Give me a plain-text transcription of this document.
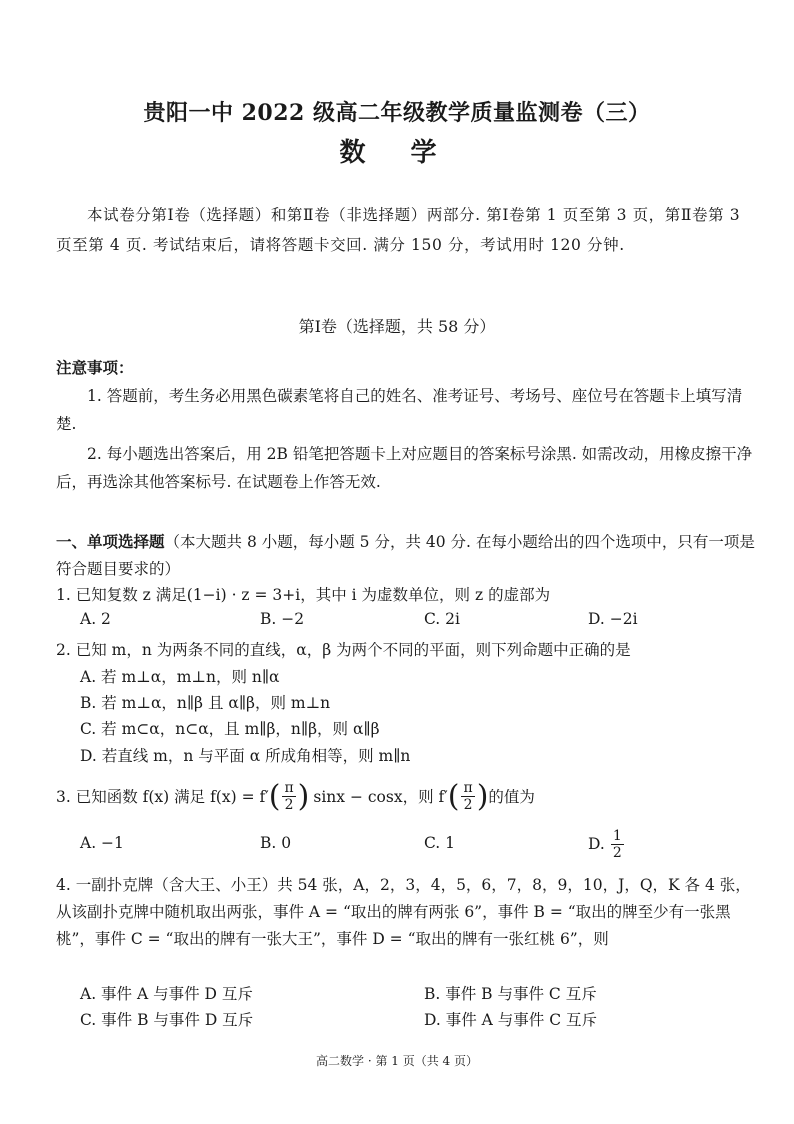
贵阳一中 2022 级高二年级教学质量监测卷（三）
数 学
本试卷分第Ⅰ卷（选择题）和第Ⅱ卷（非选择题）两部分. 第Ⅰ卷第 1 页至第 3 页，第Ⅱ卷第 3 页至第 4 页. 考试结束后，请将答题卡交回. 满分 150 分，考试用时 120 分钟.
第Ⅰ卷（选择题，共 58 分）
注意事项：
1. 答题前，考生务必用黑色碳素笔将自己的姓名、准考证号、考场号、座位号在答题卡上填写清楚.
2. 每小题选出答案后，用 2B 铅笔把答题卡上对应题目的答案标号涂黑. 如需改动，用橡皮擦干净后，再选涂其他答案标号. 在试题卷上作答无效.
一、单项选择题（本大题共 8 小题，每小题 5 分，共 40 分. 在每小题给出的四个选项中，只有一项是符合题目要求的）
1. 已知复数 z 满足(1−i) · z = 3+i，其中 i 为虚数单位，则 z 的虚部为
A. 2	B. −2	C. 2i	D. −2i
2. 已知 m，n 为两条不同的直线，α，β 为两个不同的平面，则下列命题中正确的是
A. 若 m⊥α，m⊥n，则 n∥α
B. 若 m⊥α，n∥β 且 α∥β，则 m⊥n
C. 若 m⊂α，n⊂α，且 m∥β，n∥β，则 α∥β
D. 若直线 m，n 与平面 α 所成角相等，则 m∥n
3. 已知函数 f(x) 满足 f(x) = f′ ( $\frac{\pi}{2}$ ) sinx − cosx，则 f′ ( $\frac{\pi}{2}$ ) 的值为
A. −1	B. 0	C. 1	D. $\frac{1}{2}$
4. 一副扑克牌（含大王、小王）共 54 张，A，2，3，4，5，6，7，8，9，10，J，Q，K 各 4 张，从该副扑克牌中随机取出两张，事件 A = “取出的牌有两张 6”，事件 B = “取出的牌至少有一张黑桃”，事件 C = “取出的牌有一张大王”，事件 D = “取出的牌有一张红桃 6”，则
A. 事件 A 与事件 D 互斥	B. 事件 B 与事件 C 互斥
C. 事件 B 与事件 D 互斥	D. 事件 A 与事件 C 互斥
高二数学 · 第 1 页（共 4 页）
